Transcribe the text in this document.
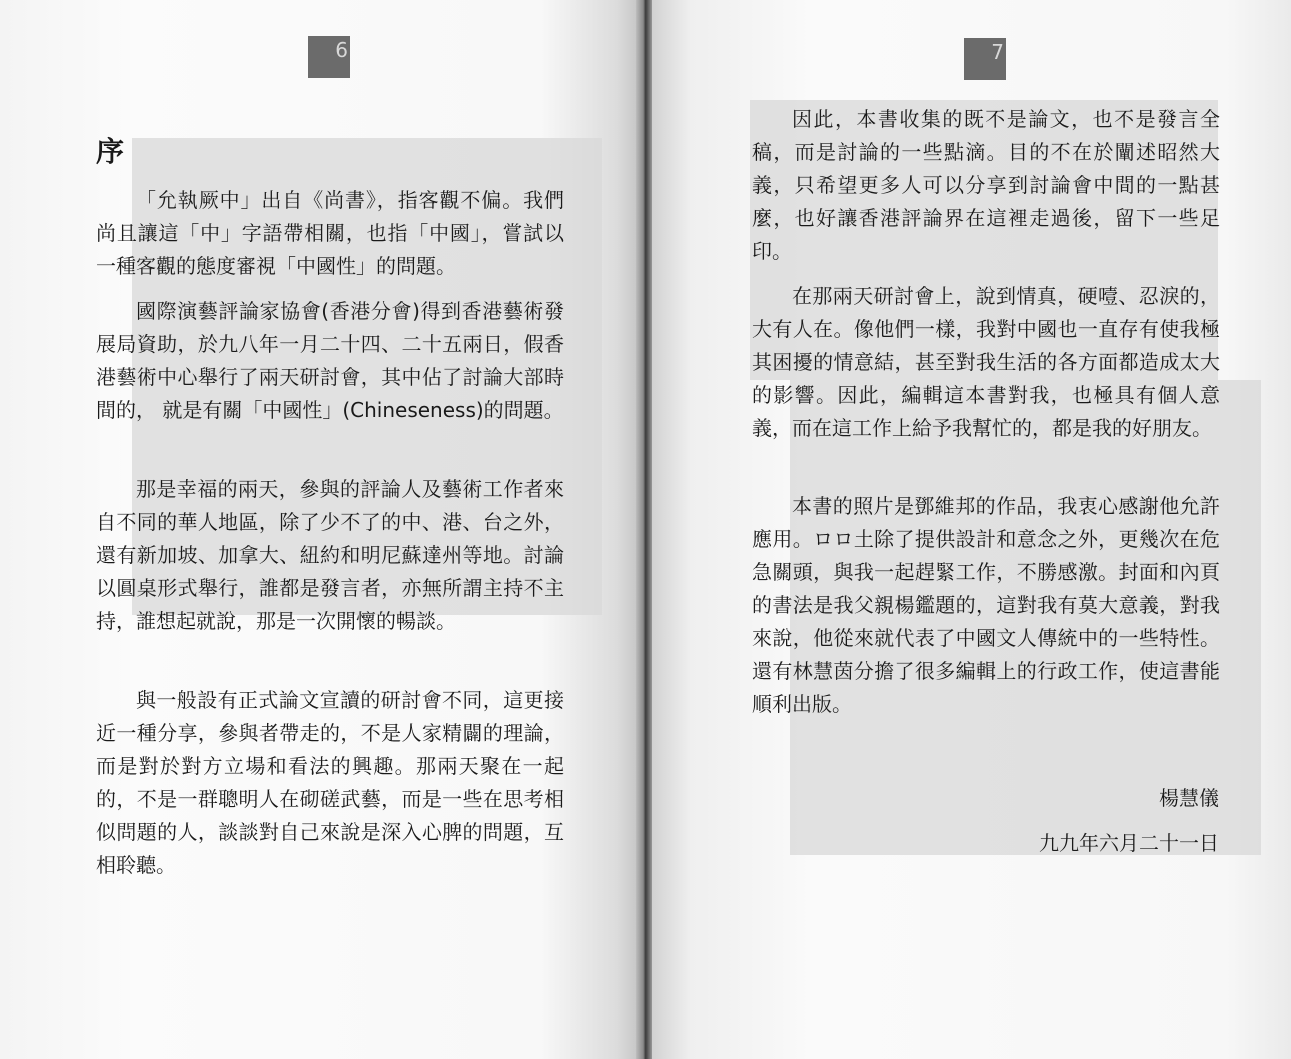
6
序

「允執厥中」出自《尚書》，指客觀不偏。我們尚且讓這「中」字語帶相關，也指「中國」，嘗試以一種客觀的態度審視「中國性」的問題。

國際演藝評論家協會(香港分會)得到香港藝術發展局資助，於九八年一月二十四、二十五兩日，假香港藝術中心舉行了兩天研討會，其中佔了討論大部時間的， 就是有關「中國性」(Chineseness)的問題。

那是幸福的兩天，參與的評論人及藝術工作者來自不同的華人地區，除了少不了的中、港、台之外，還有新加坡、加拿大、紐約和明尼蘇達州等地。討論以圓桌形式舉行，誰都是發言者，亦無所謂主持不主持，誰想起就說，那是一次開懷的暢談。

與一般設有正式論文宣讀的研討會不同，這更接近一種分享，參與者帶走的，不是人家精闢的理論，而是對於對方立場和看法的興趣。那兩天聚在一起的，不是一群聰明人在砌磋武藝，而是一些在思考相似問題的人，談談對自己來說是深入心脾的問題，互相聆聽。

7

因此，本書收集的既不是論文，也不是發言全稿，而是討論的一些點滴。目的不在於闡述昭然大義，只希望更多人可以分享到討論會中間的一點甚麼，也好讓香港評論界在這裡走過後，留下一些足印。

在那兩天研討會上，說到情真，硬噎、忍淚的，大有人在。像他們一樣，我對中國也一直存有使我極其困擾的情意結，甚至對我生活的各方面都造成太大的影響。因此，編輯這本書對我，也極具有個人意義，而在這工作上給予我幫忙的，都是我的好朋友。

本書的照片是鄧維邦的作品，我衷心感謝他允許應用。ロロ土除了提供設計和意念之外，更幾次在危急關頭，與我一起趕緊工作，不勝感激。封面和內頁的書法是我父親楊鑑題的，這對我有莫大意義，對我來說，他從來就代表了中國文人傳統中的一些特性。還有林慧茵分擔了很多編輯上的行政工作，使這書能順利出版。

楊慧儀
九九年六月二十一日
